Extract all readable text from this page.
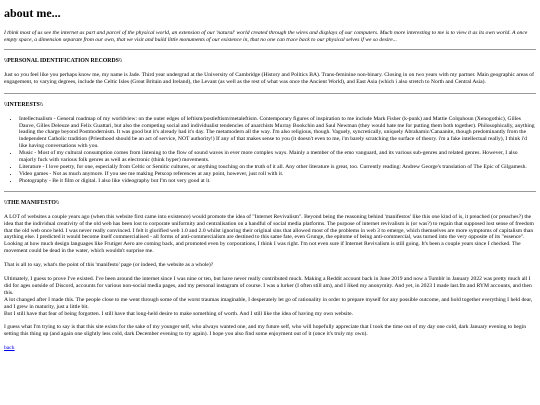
about me...

I think most of us see the internet as part and parcel of the physical world, an extension of our 'natural' world created through the wires and displays of our computers. Much more interesting to me is to view it as its own world. A once empty space, a dimension separate from our own, that we visit and build little monuments of our existence in, that no one can trace back to our physical selves if we so desire...

\\PERSONAL IDENTIFICATION RECORDS\\

Just so you feel like you perhaps know me, my name is Jade. Third year undergrad at the University of Cambridge (History and Politics BA). Trans-feminine non-binary. Closing in on two years with my partner. Main geographic areas of engagement, to varying degrees, include the Celtic Isles (Great Britain and Ireland), the Levant (as well as the rest of what was once the Ancient World), and East Asia (which i also stretch to North and Central Asia).

\\INTERESTS\\
• Intellectualism - General roadmap of my worldview: on the outer edges of leftism/postleftism/metaleftism. Contemporary figures of inspiration to me include Mark Fisher (k-punk) and Mattie Colquhoun (Xenogothic), Gilles Dauve, Gilles Deleuze and Felix Guattari, but also the competing social and individualist tendencies of anarchists Murray Bookchin and Saul Newman (they would hate me for putting them both together). Philosophically, anything leading the charge beyond Postmodernism. It was good but it's already had it's day. The metamodern all the way. I'm also religious, though. Vaguely, syncretically, uniquely Abrahamic/Canaanite, though predominantly from the independent Catholic tradition (Priesthood should be an act of service, NOT authority!) If any of that makes sense to you (it doesn't even to me, i'm barely scratching the surface of theory. i'm a fake intellectual really), I think i'd like having conversations with you.
• Music - Most of my cultural consumption comes from listening to the flow of sound waves in ever more complex ways. Mainly a member of the emo vanguard, and its various sub-genres and related genres. However, I also majorly fuck with various folk genres as well as electronic (think hyper) movements.
• Literature - I love poetry, for one, especially from Celtic or Semitic cultures, or anything touching on the truth of it all. Any other literature is great, too. Currently reading: Andrew George's translation of The Epic of Gilgamesh.
• Video games - Not as much anymore. If you see me making Petscop references at any point, however, just roll with it.
• Photography - Be it film or digital. I also like videography but I'm not very good at it.
\\THE MANIFESTO\\

A LOT of websites a couple years ago (when this website first came into existence) would promote the idea of "Internet Revivalism". Beyond being the reasoning behind 'manifestos' like this one kind of is, it preached (or preaches?) the idea that the individual creativity of the old web has been lost to corporate uniformity and centralisation on a handful of social media platforms. The purpose of internet revivalism is (or was?) to regain that supposed lost sense of freedom that the old web once held. I was never really convinced. I felt it glorified web 1.0 and 2.0 whilst ignoring their original sins that allowed most of the problems in web 3 to emerge, which themselves are more symptoms of capitalism than anything else. I predicted it would become itself commercialised - all forms of anti-commercialism are destined to this same fate, even Grunge, the epitome of being anti-commercial, was turned into the very opposite of its "essence". Looking at how much design languages like Frutiger Aero are coming back, and promoted even by corporations, I think I was right. I'm not even sure if Internet Revivalism is still going. It's been a couple years since I checked. The movement could be dead in the water, which wouldn't surprise me.

That is all to say, what's the point of this 'manifesto' page (or indeed, the website as a whole)?

Ultimately, I guess to prove I've existed. I've been around the internet since I was nine or ten, but have never really contributed much. Making a Reddit account back in June 2019 and now a Tumblr in January 2022 was pretty much all I did for ages outside of Discord, accounts for various non-social media pages, and my personal instagram of course. I was a lurker (I often still am), and I liked my anonymity. And yet, in 2023 I made last.fm and RYM accounts, and then this.

A lot changed after I made this. The people close to me went through some of the worst traumas imaginable, I desperately let go of rationality in order to prepare myself for any possible outcome, and hold together everything I held dear, and I grew in maturity, just a little bit.

But I still have that fear of being forgotten. I still have that long-held desire to make something of worth. And I still like the idea of having my own website.

I guess what I'm trying to say is that this site exists for the sake of my younger self, who always wanted one, and my future self, who will hopefully appreciate that I took the time out of my day one cold, dark January evening to begin setting this thing up (and again one slightly less cold, dark December evening to try again). I hope you also find some enjoyment out of it (once it's truly my own).

back
